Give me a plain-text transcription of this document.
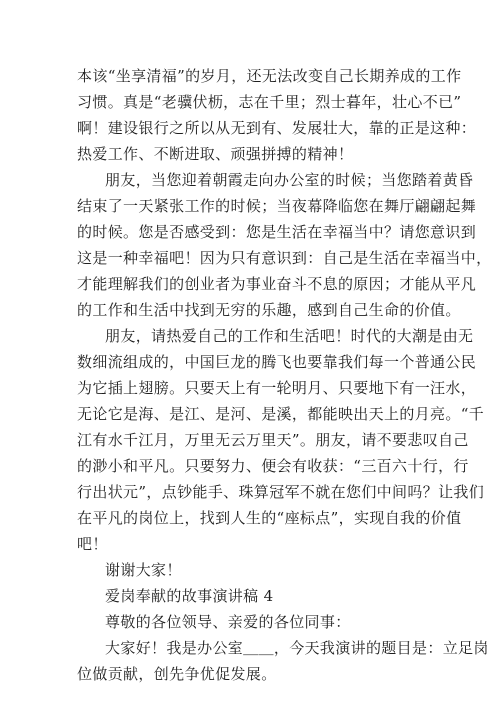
本该“坐享清福”的岁月，还无法改变自己长期养成的工作
习惯。真是“老骥伏枥，志在千里；烈士暮年，壮心不已”
啊！建设银行之所以从无到有、发展壮大，靠的正是这种：
热爱工作、不断进取、顽强拼搏的精神！
朋友，当您迎着朝霞走向办公室的时候；当您踏着黄昏
结束了一天紧张工作的时候；当夜幕降临您在舞厅翩翩起舞
的时候。您是否感受到：您是生活在幸福当中？请您意识到
这是一种幸福吧！因为只有意识到：自己是生活在幸福当中，
才能理解我们的创业者为事业奋斗不息的原因；才能从平凡
的工作和生活中找到无穷的乐趣，感到自己生命的价值。
朋友，请热爱自己的工作和生活吧！时代的大潮是由无
数细流组成的，中国巨龙的腾飞也要靠我们每一个普通公民
为它插上翅膀。只要天上有一轮明月、只要地下有一汪水，
无论它是海、是江、是河、是溪，都能映出天上的月亮。“千
江有水千江月，万里无云万里天”。朋友，请不要悲叹自己
的渺小和平凡。只要努力、便会有收获：“三百六十行，行
行出状元”，点钞能手、珠算冠军不就在您们中间吗？让我们
在平凡的岗位上，找到人生的“座标点”，实现自我的价值
吧！
谢谢大家！
爱岗奉献的故事演讲稿 4
尊敬的各位领导、亲爱的各位同事：
大家好！我是办公室＿＿，今天我演讲的题目是：立足岗
位做贡献，创先争优促发展。
